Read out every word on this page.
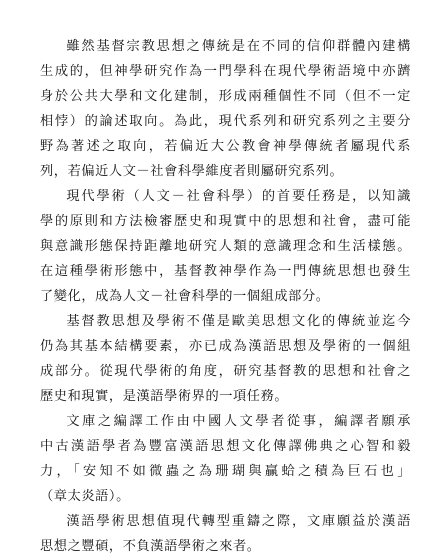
雖然基督宗教思想之傳統是在不同的信仰群體內建構
生成的，但神學研究作為一門學科在現代學術語境中亦躋
身於公共大學和文化建制，形成兩種個性不同（但不一定
相悖）的論述取向。為此，現代系列和研究系列之主要分
野為著述之取向，若偏近大公教會神學傳統者屬現代系
列，若偏近人文－社會科學維度者則屬研究系列。
現代學術（人文－社會科學）的首要任務是，以知識
學的原則和方法檢審歷史和現實中的思想和社會，盡可能
與意識形態保持距離地研究人類的意識理念和生活樣態。
在這種學術形態中，基督教神學作為一門傳統思想也發生
了變化，成為人文－社會科學的一個組成部分。
基督教思想及學術不僅是歐美思想文化的傳統並迄今
仍為其基本結構要素，亦已成為漢語思想及學術的一個組
成部分。從現代學術的角度，研究基督教的思想和社會之
歷史和現實，是漢語學術界的一項任務。
文庫之編譯工作由中國人文學者從事，編譯者願承
中古漢語學者為豐富漢語思想文化傳譯佛典之心智和毅
力，「安知不如微蟲之為珊瑚與贏蛤之積為巨石也」
（章太炎語）。
漢語學術思想值現代轉型重鑄之際，文庫願益於漢語
思想之豐碩，不負漢語學術之來者。
